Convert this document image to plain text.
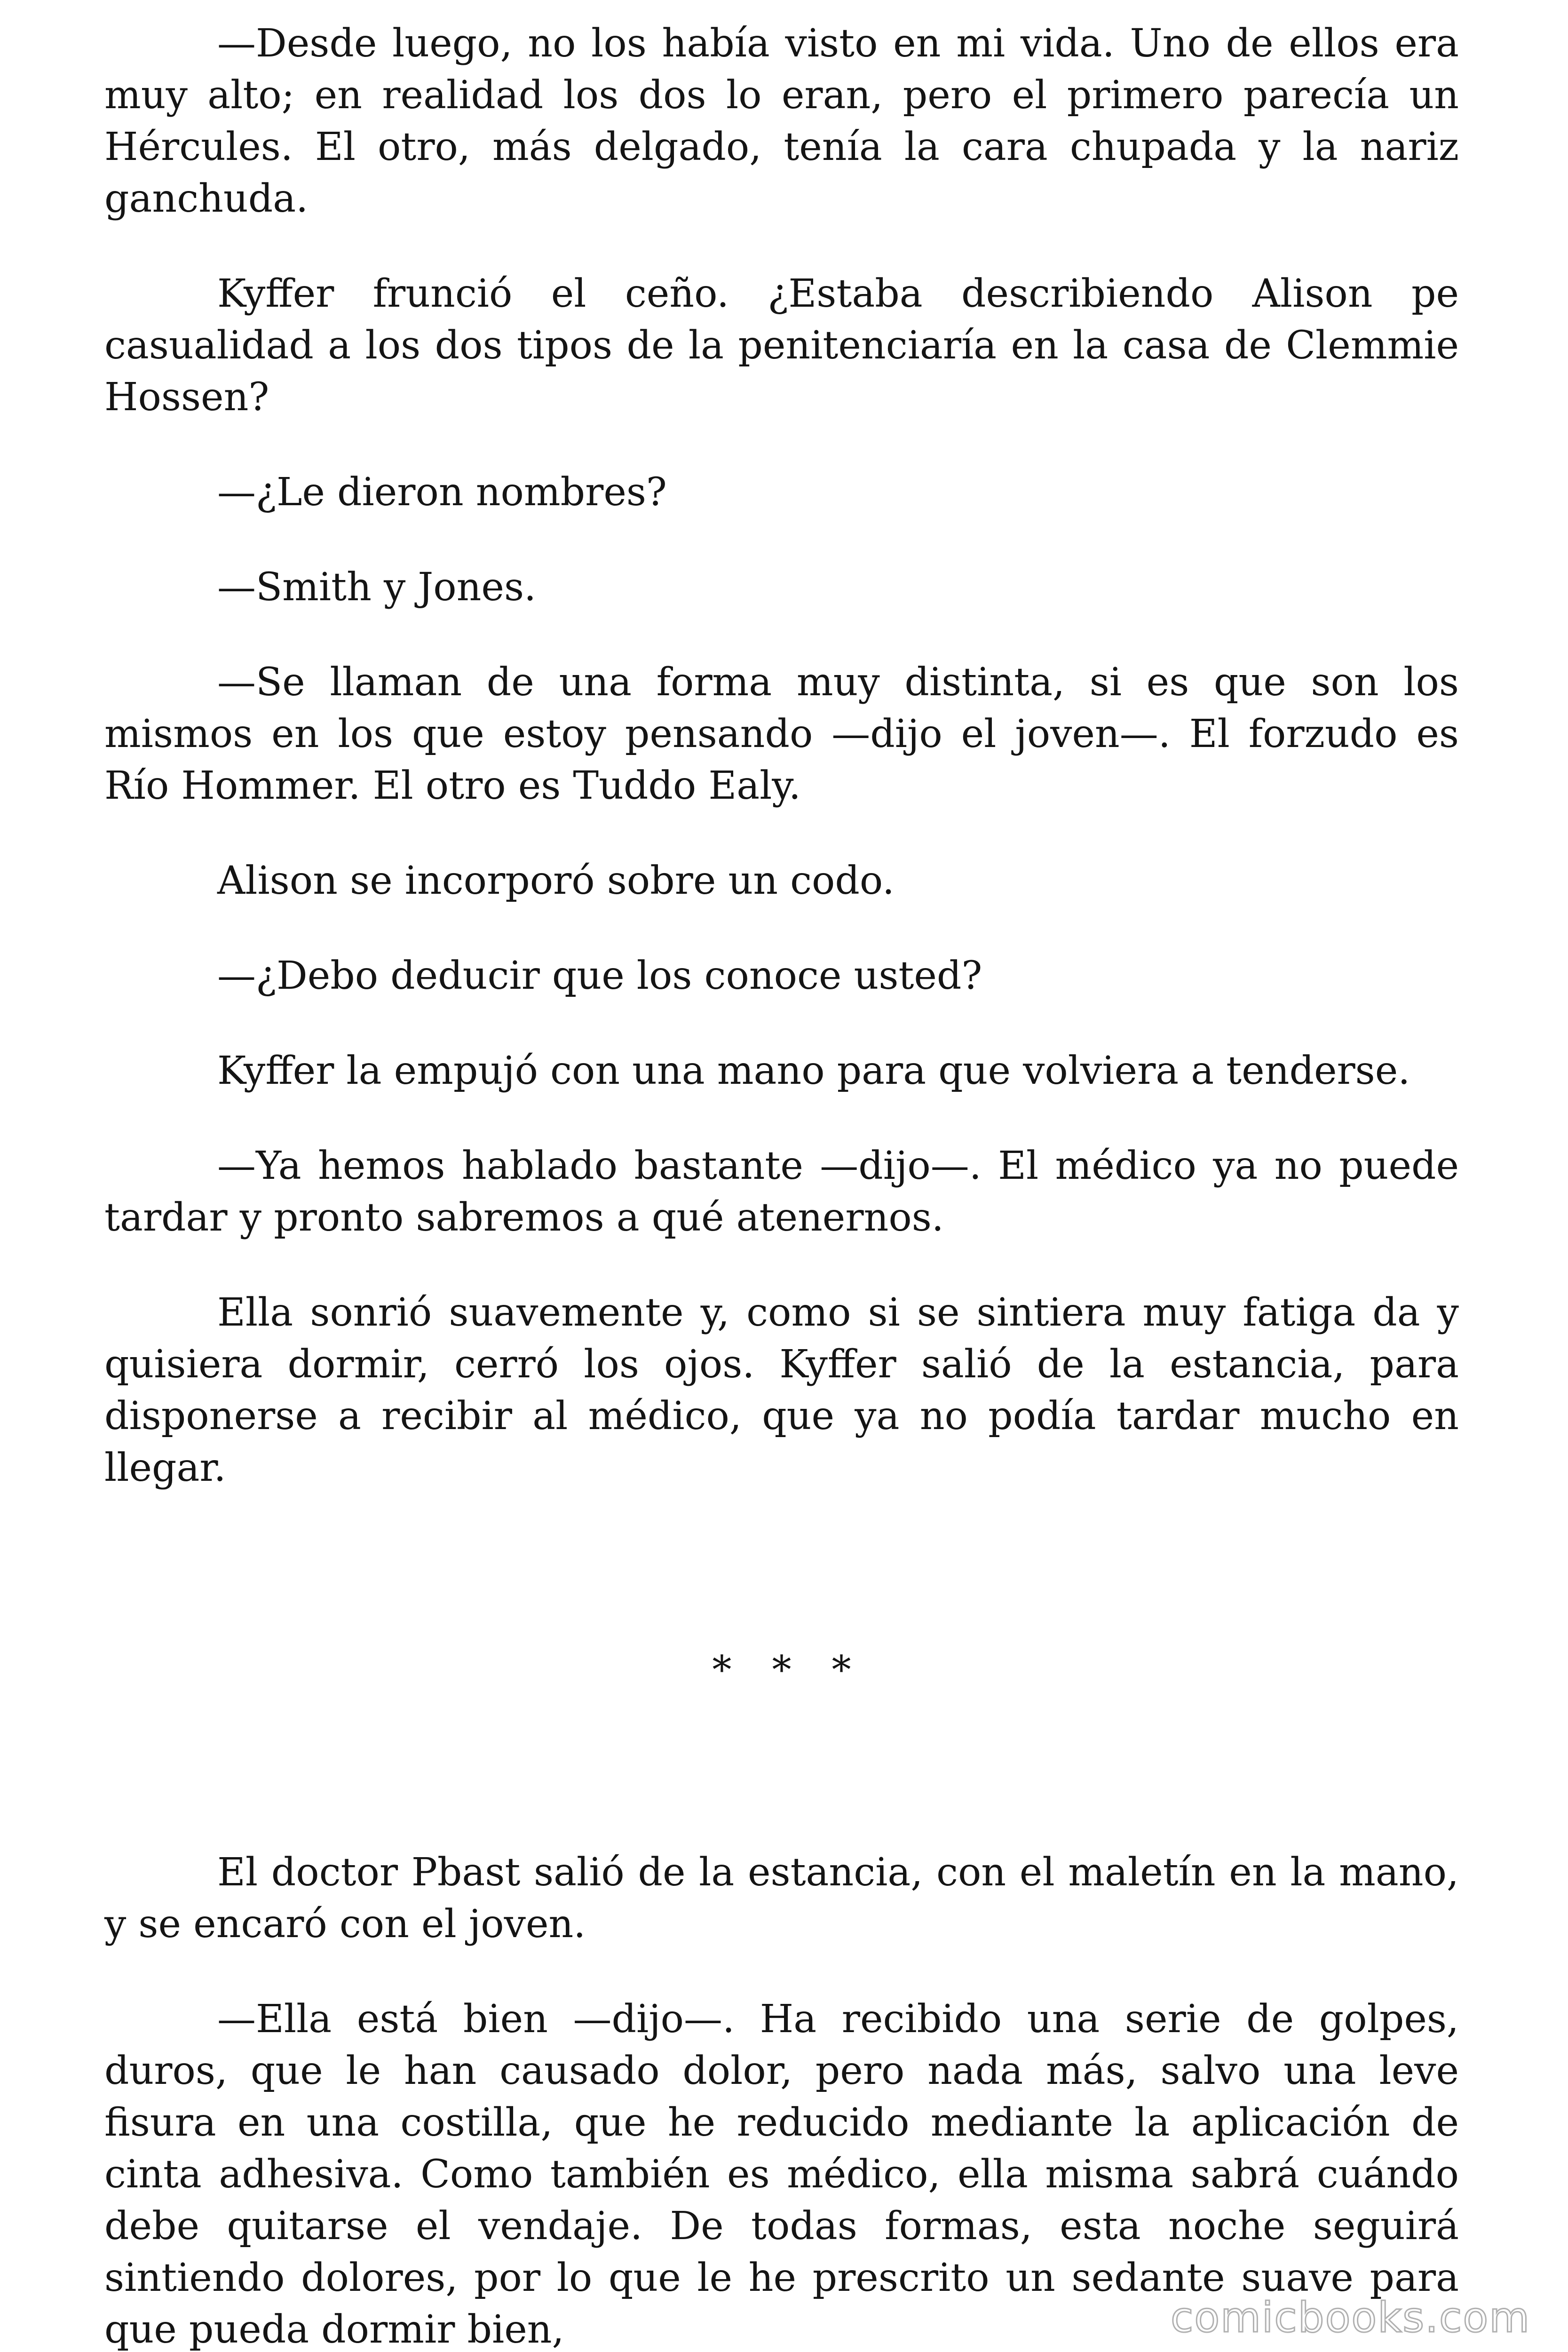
—Desde luego, no los había visto en mi vida. Uno de ellos era muy alto; en realidad los dos lo eran, pero el primero parecía un Hércules. El otro, más delgado, tenía la cara chupada y la nariz ganchuda.

Kyffer frunció el ceño. ¿Estaba describiendo Alison pe casualidad a los dos tipos de la penitenciaría en la casa de Clemmie Hossen?

—¿Le dieron nombres?

—Smith y Jones.

—Se llaman de una forma muy distinta, si es que son los mismos en los que estoy pensando —dijo el joven—. El forzudo es Río Hommer. El otro es Tuddo Ealy.

Alison se incorporó sobre un codo.

—¿Debo deducir que los conoce usted?

Kyffer la empujó con una mano para que volviera a tenderse.

—Ya hemos hablado bastante —dijo—. El médico ya no puede tardar y pronto sabremos a qué atenernos.

Ella sonrió suavemente y, como si se sintiera muy fatiga da y quisiera dormir, cerró los ojos. Kyffer salió de la estancia, para disponerse a recibir al médico, que ya no podía tardar mucho en llegar.

* * *

El doctor Pbast salió de la estancia, con el maletín en la mano, y se encaró con el joven.

—Ella está bien —dijo—. Ha recibido una serie de golpes, duros, que le han causado dolor, pero nada más, salvo una leve fisura en una costilla, que he reducido mediante la aplicación de cinta adhesiva. Como también es médico, ella misma sabrá cuándo debe quitarse el vendaje. De todas formas, esta noche seguirá sintiendo dolores, por lo que le he prescrito un sedante suave para que pueda dormir bien,	comicbooks.com
